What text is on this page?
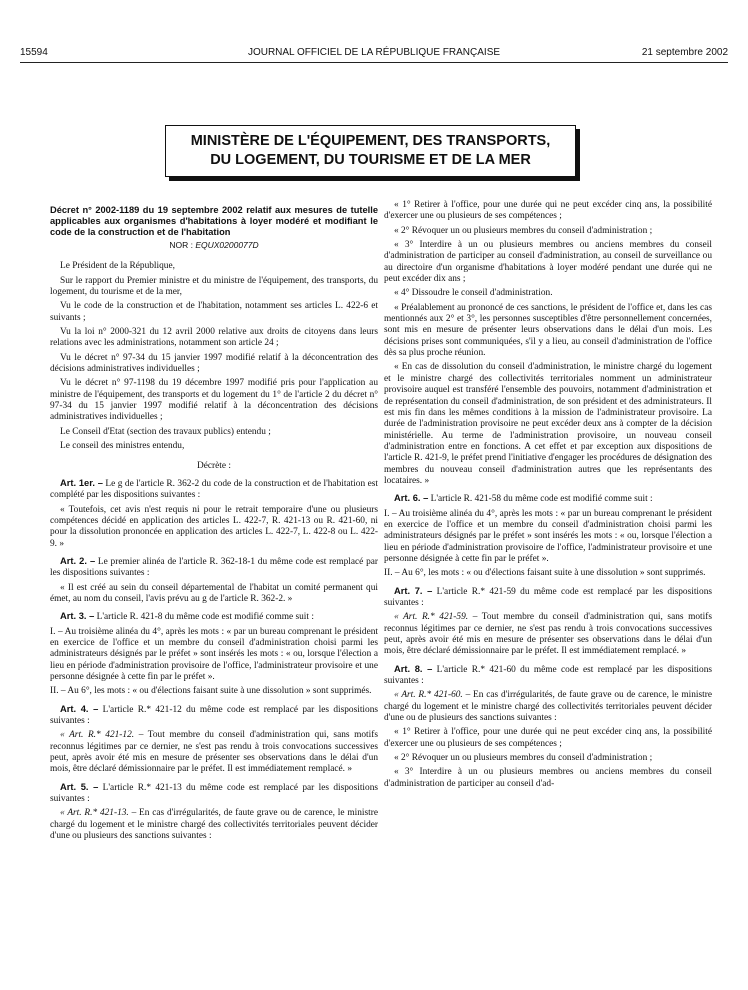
15594	JOURNAL OFFICIEL DE LA RÉPUBLIQUE FRANÇAISE	21 septembre 2002
MINISTÈRE DE L'ÉQUIPEMENT, DES TRANSPORTS,
DU LOGEMENT, DU TOURISME ET DE LA MER
Décret n° 2002-1189 du 19 septembre 2002 relatif aux mesures de tutelle applicables aux organismes d'habitations à loyer modéré et modifiant le code de la construction et de l'habitation
NOR : EQUX0200077D

Le Président de la République,

Sur le rapport du Premier ministre et du ministre de l'équipement, des transports, du logement, du tourisme et de la mer,

Vu le code de la construction et de l'habitation, notamment ses articles L. 422-6 et suivants ;

Vu la loi n° 2000-321 du 12 avril 2000 relative aux droits de citoyens dans leurs relations avec les administrations, notamment son article 24 ;

Vu le décret n° 97-34 du 15 janvier 1997 modifié relatif à la déconcentration des décisions administratives individuelles ;

Vu le décret n° 97-1198 du 19 décembre 1997 modifié pris pour l'application au ministre de l'équipement, des transports et du logement du 1° de l'article 2 du décret n° 97-34 du 15 janvier 1997 modifié relatif à la déconcentration des décisions administratives individuelles ;

Le Conseil d'Etat (section des travaux publics) entendu ;

Le conseil des ministres entendu,

Décrète :

Art. 1er. – Le g de l'article R. 362-2 du code de la construction et de l'habitation est complété par les dispositions suivantes :

« Toutefois, cet avis n'est requis ni pour le retrait temporaire d'une ou plusieurs compétences décidé en application des articles L. 422-7, R. 421-13 ou R. 421-60, ni pour la dissolution prononcée en application des articles L. 422-7, L. 422-8 ou L. 422-9. »

Art. 2. – Le premier alinéa de l'article R. 362-18-1 du même code est remplacé par les dispositions suivantes :

« Il est créé au sein du conseil départemental de l'habitat un comité permanent qui émet, au nom du conseil, l'avis prévu au g de l'article R. 362-2. »

Art. 3. – L'article R. 421-8 du même code est modifié comme suit :

I. – Au troisième alinéa du 4°, après les mots : « par un bureau comprenant le président en exercice de l'office et un membre du conseil d'administration choisi parmi les administrateurs désignés par le préfet » sont insérés les mots : « ou, lorsque l'élection a lieu en période d'administration provisoire de l'office, l'administrateur provisoire et une personne désignée à cette fin par le préfet ».

II. – Au 6°, les mots : « ou d'élections faisant suite à une dissolution » sont supprimés.

Art. 4. – L'article R.* 421-12 du même code est remplacé par les dispositions suivantes :

« Art. R.* 421-12. – Tout membre du conseil d'administration qui, sans motifs reconnus légitimes par ce dernier, ne s'est pas rendu à trois convocations successives peut, après avoir été mis en mesure de présenter ses observations dans le délai d'un mois, être déclaré démissionnaire par le préfet. Il est immédiatement remplacé. »

Art. 5. – L'article R.* 421-13 du même code est remplacé par les dispositions suivantes :

« Art. R.* 421-13. – En cas d'irrégularités, de faute grave ou de carence, le ministre chargé du logement et le ministre chargé des collectivités territoriales peuvent décider d'une ou plusieurs des sanctions suivantes :

« 1° Retirer à l'office, pour une durée qui ne peut excéder cinq ans, la possibilité d'exercer une ou plusieurs de ses compétences ;

« 2° Révoquer un ou plusieurs membres du conseil d'administration ;

« 3° Interdire à un ou plusieurs membres ou anciens membres du conseil d'administration de participer au conseil d'administration, au conseil de surveillance ou au directoire d'un organisme d'habitations à loyer modéré pendant une durée qui ne peut excéder dix ans ;

« 4° Dissoudre le conseil d'administration.

« Préalablement au prononcé de ces sanctions, le président de l'office et, dans les cas mentionnés aux 2° et 3°, les personnes susceptibles d'être personnellement concernées, sont mis en mesure de présenter leurs observations dans le délai d'un mois. Les décisions prises sont communiquées, s'il y a lieu, au conseil d'administration de l'office dès sa plus proche réunion.

« En cas de dissolution du conseil d'administration, le ministre chargé du logement et le ministre chargé des collectivités territoriales nomment un administrateur provisoire auquel est transféré l'ensemble des pouvoirs, notamment d'administration et de représentation du conseil d'administration, de son président et des administrateurs. Il est mis fin dans les mêmes conditions à la mission de l'administrateur provisoire. La durée de l'administration provisoire ne peut excéder deux ans à compter de la décision ministérielle. Au terme de l'administration provisoire, un nouveau conseil d'administration entre en fonctions. A cet effet et par exception aux dispositions de l'article R. 421-9, le préfet prend l'initiative d'engager les procédures de désignation des membres du nouveau conseil d'administration autres que les représentants des locataires. »

Art. 6. – L'article R. 421-58 du même code est modifié comme suit :

I. – Au troisième alinéa du 4°, après les mots : « par un bureau comprenant le président en exercice de l'office et un membre du conseil d'administration choisi parmi les administrateurs désignés par le préfet » sont insérés les mots : « ou, lorsque l'élection a lieu en période d'administration provisoire de l'office, l'administrateur provisoire et une personne désignée à cette fin par le préfet ».

II. – Au 6°, les mots : « ou d'élections faisant suite à une dissolution » sont supprimés.

Art. 7. – L'article R.* 421-59 du même code est remplacé par les dispositions suivantes :

« Art. R.* 421-59. – Tout membre du conseil d'administration qui, sans motifs reconnus légitimes par ce dernier, ne s'est pas rendu à trois convocations successives peut, après avoir été mis en mesure de présenter ses observations dans le délai d'un mois, être déclaré démissionnaire par le préfet. Il est immédiatement remplacé. »

Art. 8. – L'article R.* 421-60 du même code est remplacé par les dispositions suivantes :

« Art. R.* 421-60. – En cas d'irrégularités, de faute grave ou de carence, le ministre chargé du logement et le ministre chargé des collectivités territoriales peuvent décider d'une ou de plusieurs des sanctions suivantes :

« 1° Retirer à l'office, pour une durée qui ne peut excéder cinq ans, la possibilité d'exercer une ou plusieurs de ses compétences ;

« 2° Révoquer un ou plusieurs membres du conseil d'administration ;

« 3° Interdire à un ou plusieurs membres ou anciens membres du conseil d'administration de participer au conseil d'ad-
